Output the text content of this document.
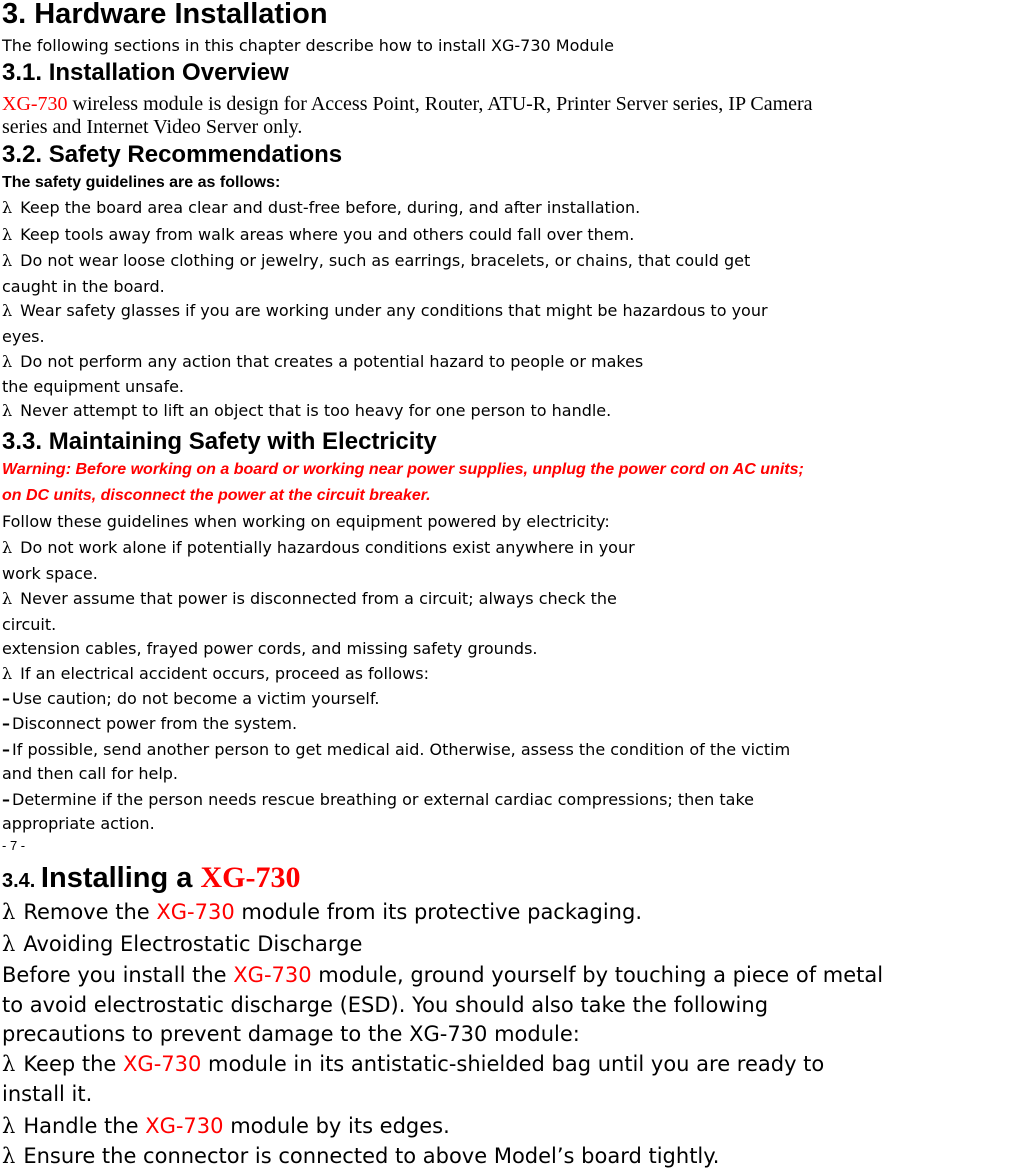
3. Hardware Installation
The following sections in this chapter describe how to install XG-730 Module
3.1. Installation Overview
XG-730 wireless module is design for Access Point, Router, ATU-R, Printer Server series, IP Camera
series and Internet Video Server only.
3.2. Safety Recommendations
The safety guidelines are as follows:
λ Keep the board area clear and dust-free before, during, and after installation.
λ Keep tools away from walk areas where you and others could fall over them.
λ Do not wear loose clothing or jewelry, such as earrings, bracelets, or chains, that could get
caught in the board.
λ Wear safety glasses if you are working under any conditions that might be hazardous to your
eyes.
λ Do not perform any action that creates a potential hazard to people or makes
the equipment unsafe.
λ Never attempt to lift an object that is too heavy for one person to handle.
3.3. Maintaining Safety with Electricity
Warning: Before working on a board or working near power supplies, unplug the power cord on AC units;
on DC units, disconnect the power at the circuit breaker.
Follow these guidelines when working on equipment powered by electricity:
λ Do not work alone if potentially hazardous conditions exist anywhere in your
work space.
λ Never assume that power is disconnected from a circuit; always check the
circuit.
extension cables, frayed power cords, and missing safety grounds.
λ If an electrical accident occurs, proceed as follows:
– Use caution; do not become a victim yourself.
– Disconnect power from the system.
– If possible, send another person to get medical aid. Otherwise, assess the condition of the victim
and then call for help.
– Determine if the person needs rescue breathing or external cardiac compressions; then take
appropriate action.
- 7 -
3.4. Installing a XG-730
λ Remove the XG-730 module from its protective packaging.
λ Avoiding Electrostatic Discharge
Before you install the XG-730 module, ground yourself by touching a piece of metal
to avoid electrostatic discharge (ESD). You should also take the following
precautions to prevent damage to the XG-730 module:
λ Keep the XG-730 module in its antistatic-shielded bag until you are ready to
install it.
λ Handle the XG-730 module by its edges.
λ Ensure the connector is connected to above Model’s board tightly.
